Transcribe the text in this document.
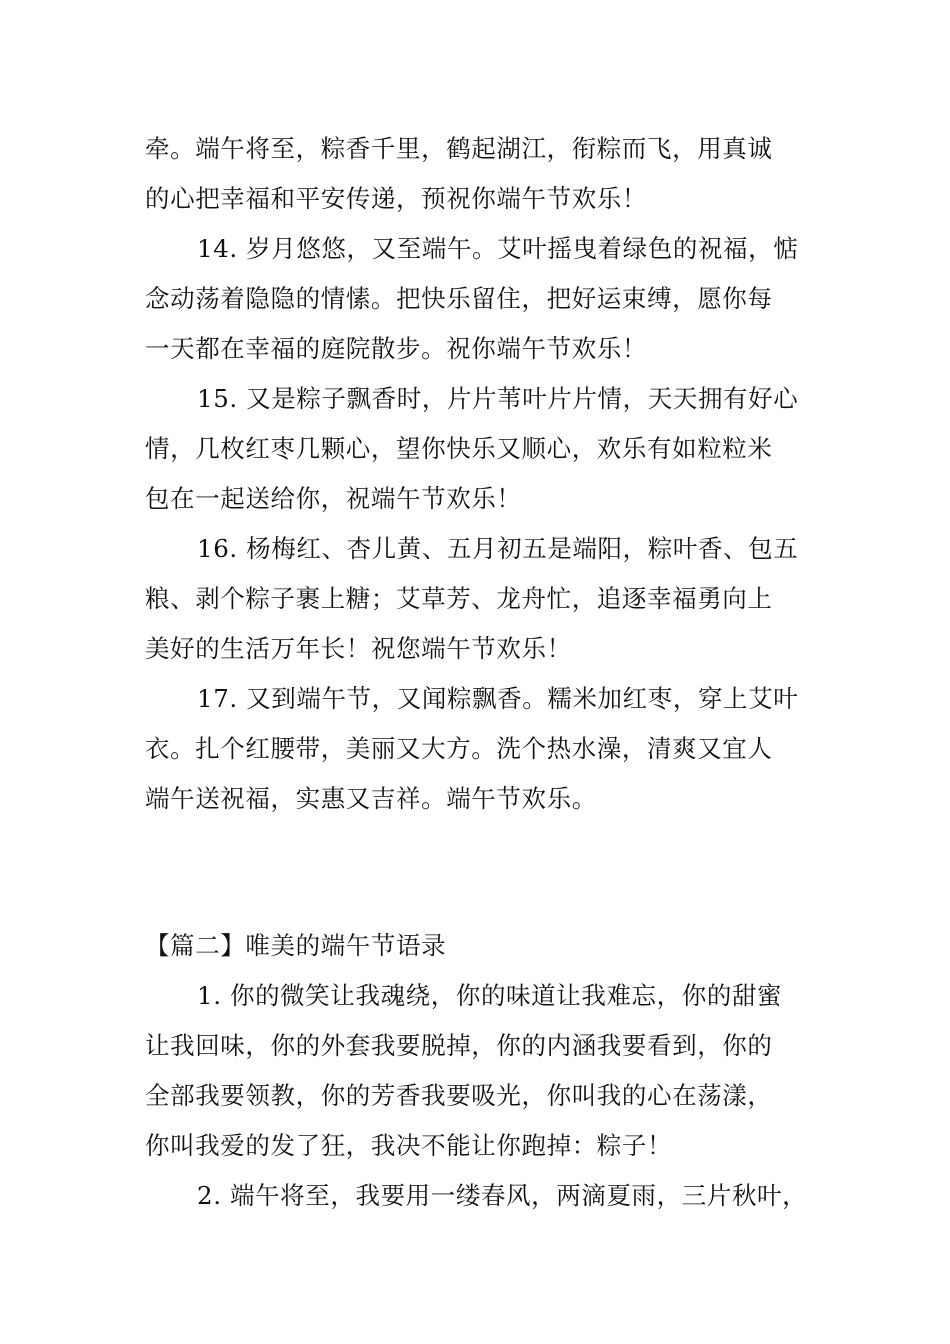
牵。端午将至，粽香千里，鹤起湖江，衔粽而飞，用真诚
的心把幸福和平安传递，预祝你端午节欢乐！
14. 岁月悠悠，又至端午。艾叶摇曳着绿色的祝福，惦
念动荡着隐隐的情愫。把快乐留住，把好运束缚，愿你每
一天都在幸福的庭院散步。祝你端午节欢乐！
15. 又是粽子飘香时，片片苇叶片片情，天天拥有好心
情，几枚红枣几颗心，望你快乐又顺心，欢乐有如粒粒米
包在一起送给你，祝端午节欢乐！
16. 杨梅红、杏儿黄、五月初五是端阳，粽叶香、包五
粮、剥个粽子裹上糖；艾草芳、龙舟忙，追逐幸福勇向上
美好的生活万年长！祝您端午节欢乐！
17. 又到端午节，又闻粽飘香。糯米加红枣，穿上艾叶
衣。扎个红腰带，美丽又大方。洗个热水澡，清爽又宜人
端午送祝福，实惠又吉祥。端午节欢乐。
【篇二】唯美的端午节语录
1. 你的微笑让我魂绕，你的味道让我难忘，你的甜蜜
让我回味，你的外套我要脱掉，你的内涵我要看到，你的
全部我要领教，你的芳香我要吸光，你叫我的心在荡漾，
你叫我爱的发了狂，我决不能让你跑掉：粽子！
2. 端午将至，我要用一缕春风，两滴夏雨，三片秋叶，
